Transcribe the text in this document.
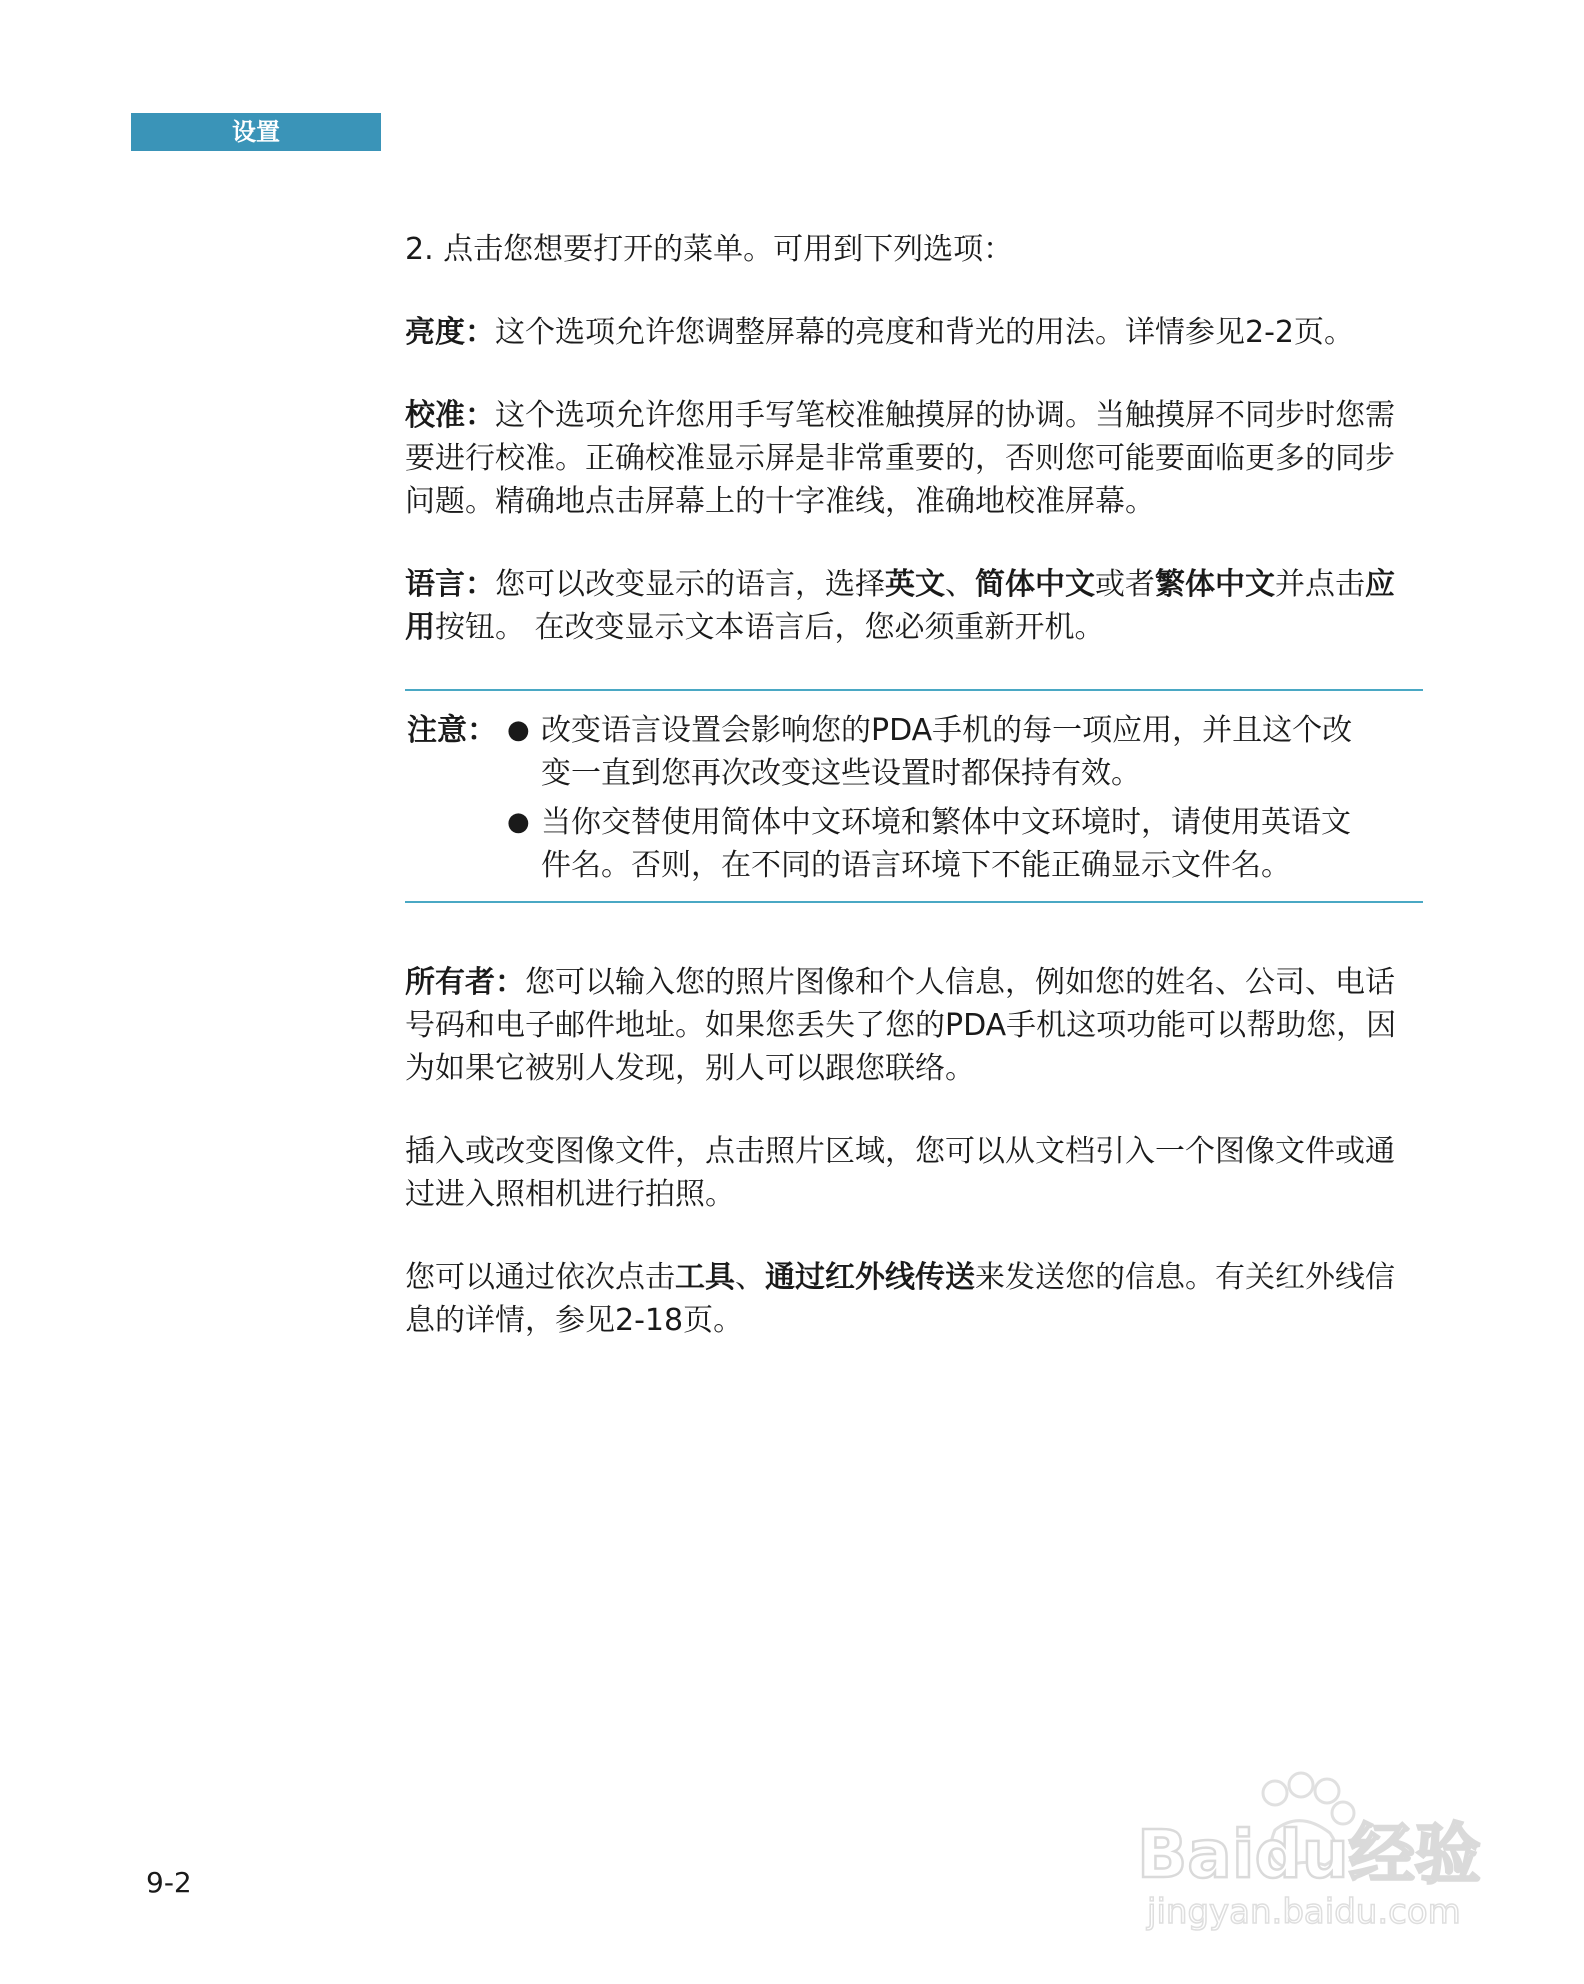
设置

2. 点击您想要打开的菜单。可用到下列选项：

亮度：这个选项允许您调整屏幕的亮度和背光的用法。详情参见2-2页。

校准：这个选项允许您用手写笔校准触摸屏的协调。当触摸屏不同步时您需要进行校准。正确校准显示屏是非常重要的，否则您可能要面临更多的同步问题。精确地点击屏幕上的十字准线，准确地校准屏幕。

语言：您可以改变显示的语言，选择英文、简体中文或者繁体中文并点击应用按钮。 在改变显示文本语言后，您必须重新开机。

注意： ● 改变语言设置会影响您的PDA手机的每一项应用，并且这个改变一直到您再次改变这些设置时都保持有效。
● 当你交替使用简体中文环境和繁体中文环境时，请使用英语文件名。否则，在不同的语言环境下不能正确显示文件名。

所有者：您可以输入您的照片图像和个人信息，例如您的姓名、公司、电话号码和电子邮件地址。如果您丢失了您的PDA手机这项功能可以帮助您，因为如果它被别人发现，别人可以跟您联络。

插入或改变图像文件，点击照片区域，您可以从文档引入一个图像文件或通过进入照相机进行拍照。

您可以通过依次点击工具、通过红外线传送来发送您的信息。有关红外线信息的详情，参见2-18页。

9-2	Baidu经验
jingyan.baidu.com
